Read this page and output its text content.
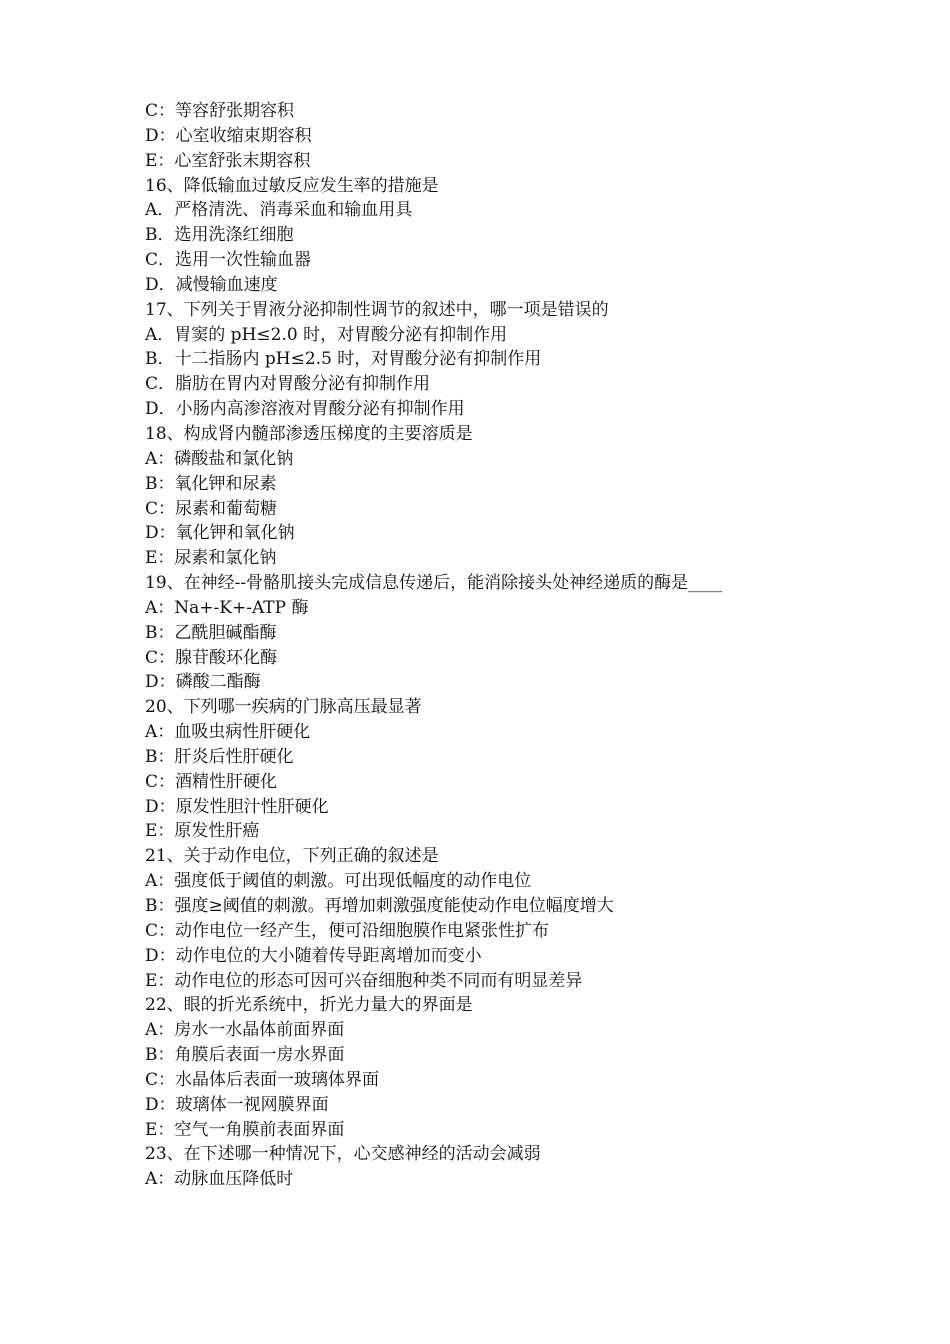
C：等容舒张期容积
D：心室收缩束期容积
E：心室舒张末期容积
16、降低输血过敏反应发生率的措施是
A．严格清洗、消毒采血和输血用具
B．选用洗涤红细胞
C．选用一次性输血器
D．减慢输血速度
17、下列关于胃液分泌抑制性调节的叙述中，哪一项是错误的
A．胃窦的 pH≤2.0 时，对胃酸分泌有抑制作用
B．十二指肠内 pH≤2.5 时，对胃酸分泌有抑制作用
C．脂肪在胃内对胃酸分泌有抑制作用
D．小肠内高渗溶液对胃酸分泌有抑制作用
18、构成肾内髓部渗透压梯度的主要溶质是
A：磷酸盐和氯化钠
B：氧化钾和尿素
C：尿素和葡萄糖
D：氧化钾和氧化钠
E：尿素和氯化钠
19、在神经--骨骼肌接头完成信息传递后，能消除接头处神经递质的酶是____
A：Na+-K+-ATP 酶
B：乙酰胆碱酯酶
C：腺苷酸环化酶
D：磷酸二酯酶
20、下列哪一疾病的门脉高压最显著
A：血吸虫病性肝硬化
B：肝炎后性肝硬化
C：酒精性肝硬化
D：原发性胆汁性肝硬化
E：原发性肝癌
21、关于动作电位，下列正确的叙述是
A：强度低于阈值的刺激。可出现低幅度的动作电位
B：强度≥阈值的刺激。再增加刺激强度能使动作电位幅度增大
C：动作电位一经产生，便可沿细胞膜作电紧张性扩布
D：动作电位的大小随着传导距离增加而变小
E：动作电位的形态可因可兴奋细胞种类不同而有明显差异
22、眼的折光系统中，折光力量大的界面是
A：房水一水晶体前面界面
B：角膜后表面一房水界面
C：水晶体后表面一玻璃体界面
D：玻璃体一视网膜界面
E：空气一角膜前表面界面
23、在下述哪一种情况下，心交感神经的活动会减弱
A：动脉血压降低时
